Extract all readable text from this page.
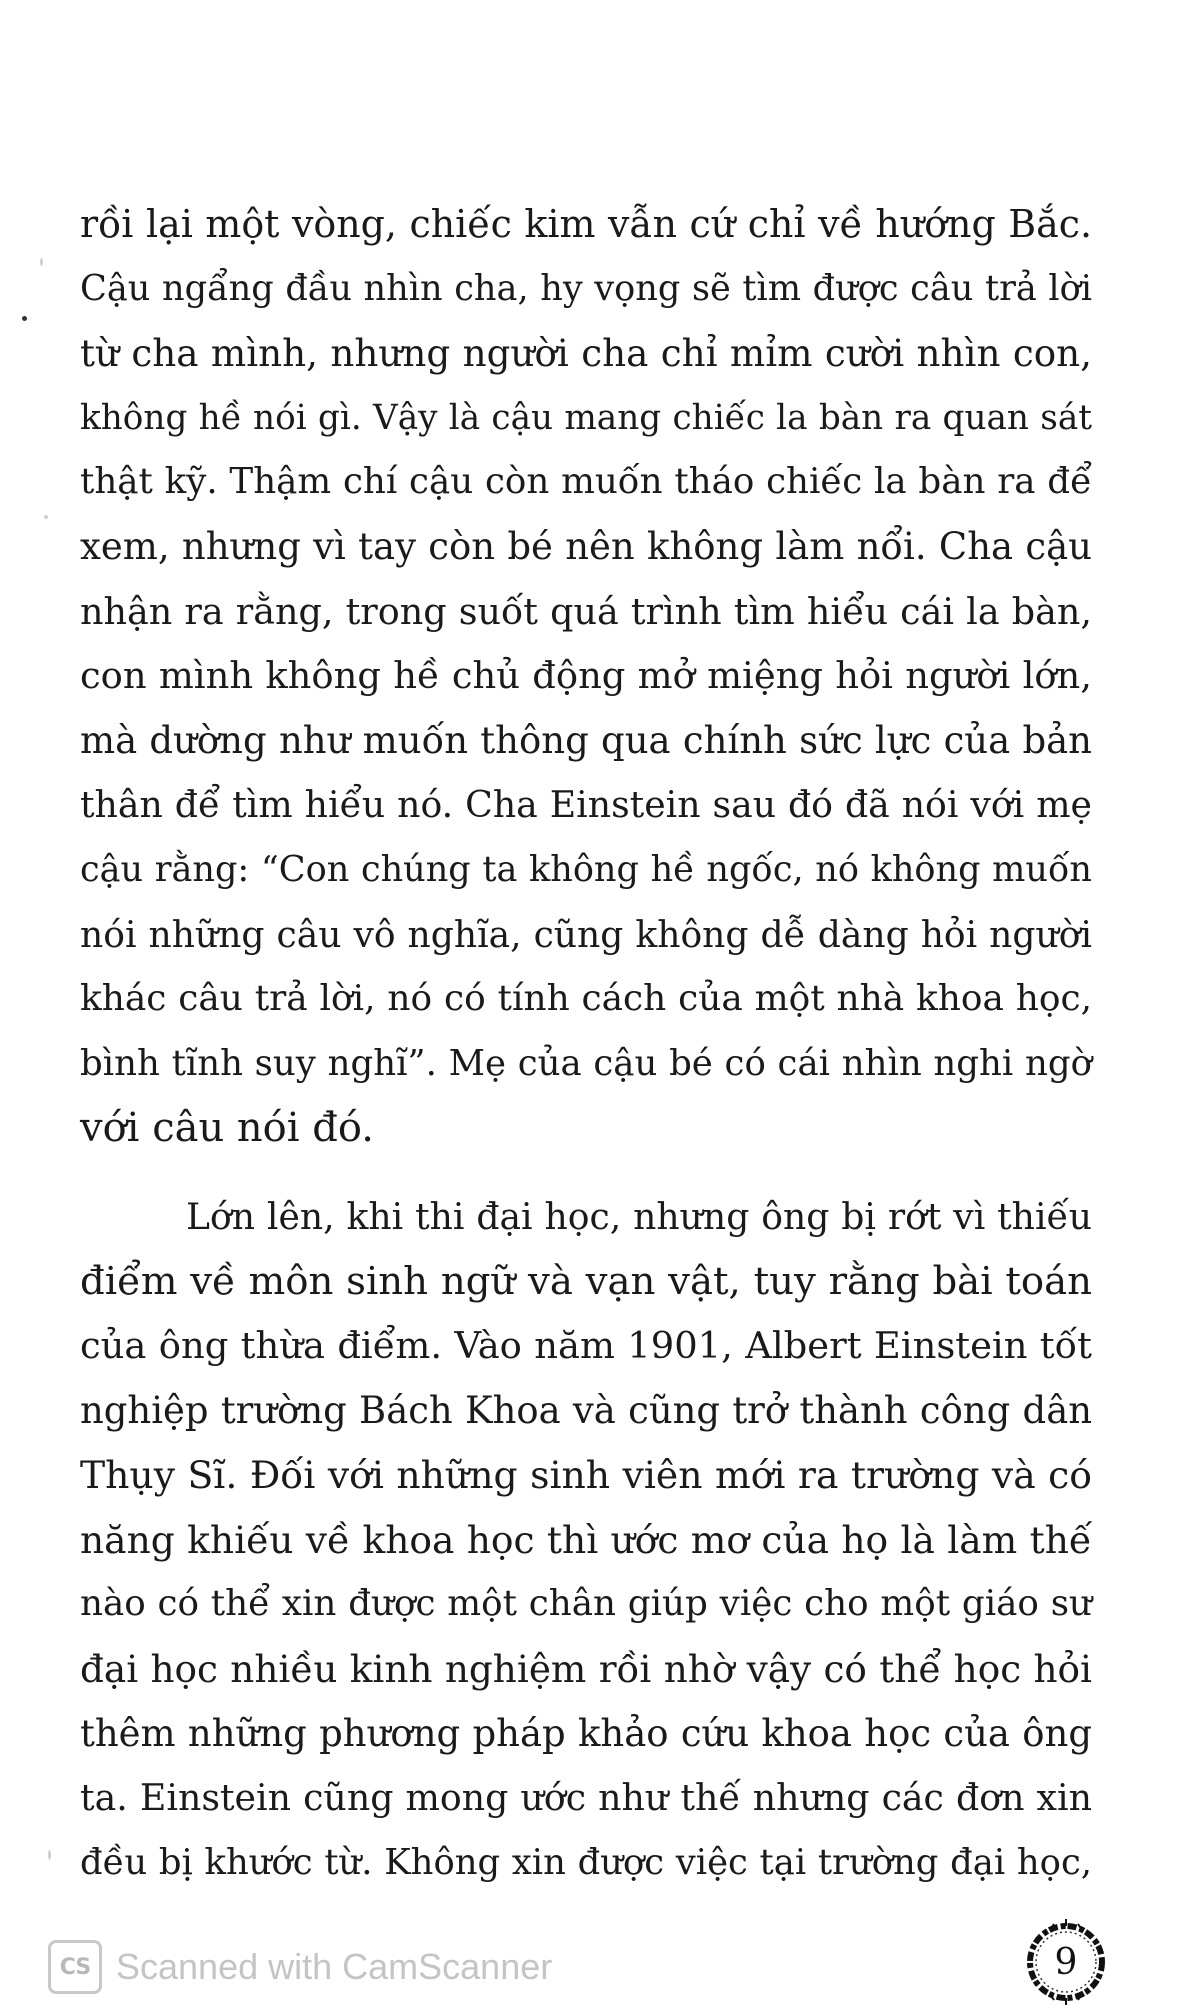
rồi lại một vòng, chiếc kim vẫn cứ chỉ về hướng Bắc.
Cậu ngẩng đầu nhìn cha, hy vọng sẽ tìm được câu trả lời
từ cha mình, nhưng người cha chỉ mỉm cười nhìn con,
không hề nói gì. Vậy là cậu mang chiếc la bàn ra quan sát
thật kỹ. Thậm chí cậu còn muốn tháo chiếc la bàn ra để
xem, nhưng vì tay còn bé nên không làm nổi. Cha cậu
nhận ra rằng, trong suốt quá trình tìm hiểu cái la bàn,
con mình không hề chủ động mở miệng hỏi người lớn,
mà dường như muốn thông qua chính sức lực của bản
thân để tìm hiểu nó. Cha Einstein sau đó đã nói với mẹ
cậu rằng: “Con chúng ta không hề ngốc, nó không muốn
nói những câu vô nghĩa, cũng không dễ dàng hỏi người
khác câu trả lời, nó có tính cách của một nhà khoa học,
bình tĩnh suy nghĩ”. Mẹ của cậu bé có cái nhìn nghi ngờ
với câu nói đó.
Lớn lên, khi thi đại học, nhưng ông bị rớt vì thiếu
điểm về môn sinh ngữ và vạn vật, tuy rằng bài toán
của ông thừa điểm. Vào năm 1901, Albert Einstein tốt
nghiệp trường Bách Khoa và cũng trở thành công dân
Thụy Sĩ. Đối với những sinh viên mới ra trường và có
năng khiếu về khoa học thì ước mơ của họ là làm thế
nào có thể xin được một chân giúp việc cho một giáo sư
đại học nhiều kinh nghiệm rồi nhờ vậy có thể học hỏi
thêm những phương pháp khảo cứu khoa học của ông
ta. Einstein cũng mong ước như thế nhưng các đơn xin
đều bị khước từ. Không xin được việc tại trường đại học,
CS Scanned with CamScanner	9
